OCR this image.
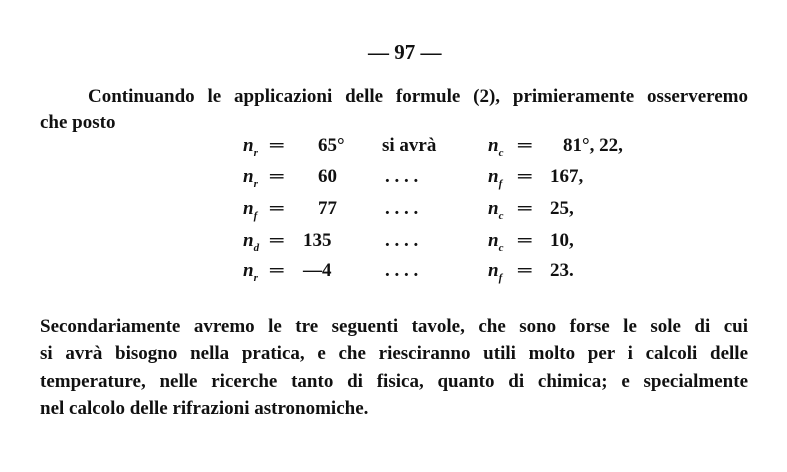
— 97 —
Continuando le applicazioni delle formule (2), primieramente osserveremo
che posto
$n_r$ ═ 65° si avrà	$n_c$ ═ 81°, 22,
$n_r$ ═ 60	. . . .	$n_f$ ═ 167,
$n_f$ ═ 77	. . . .	$n_c$ ═ 25,
$n_d$ ═ 135	. . . .	$n_c$ ═ 10,
$n_r$ ═ —4	. . . .	$n_f$ ═ 23.
Secondariamente avremo le tre seguenti tavole, che sono forse le sole di cui
si avrà bisogno nella pratica, e che riesciranno utili molto per i calcoli delle
temperature, nelle ricerche tanto di fisica, quanto di chimica; e specialmente
nel calcolo delle rifrazioni astronomiche.
